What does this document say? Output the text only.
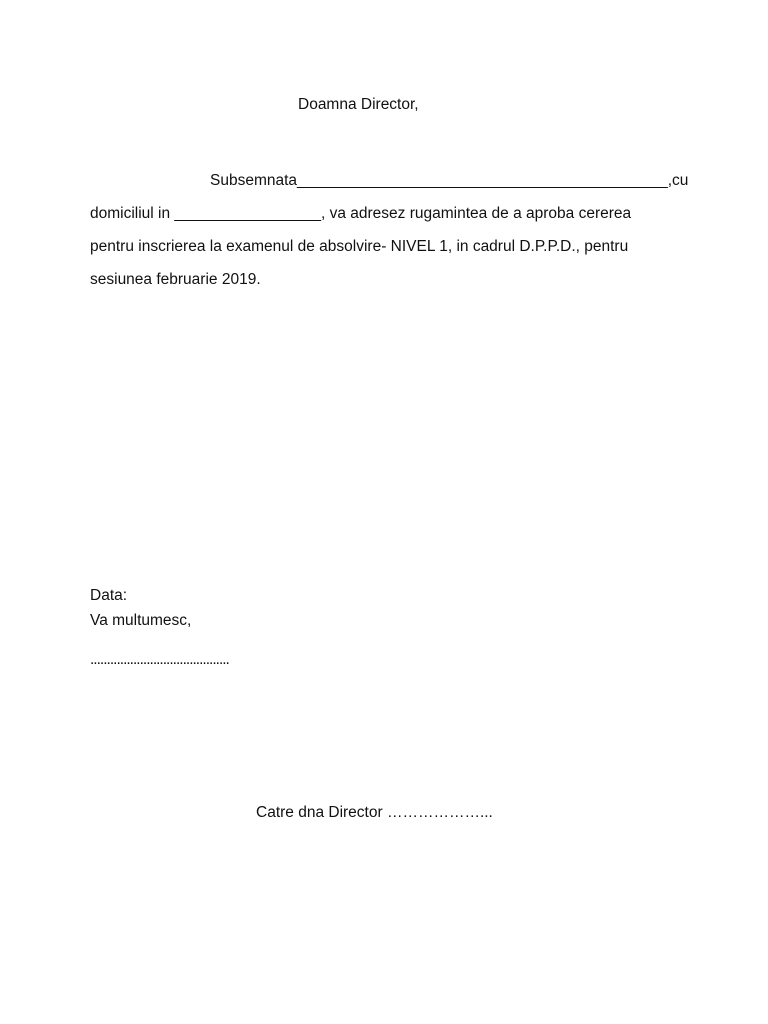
Doamna Director,
Subsemnata___________________________________________,cu
domiciliul in _________________, va adresez rugamintea de a aproba cererea
pentru inscrierea la examenul de absolvire- NIVEL 1, in cadrul D.P.P.D., pentru
sesiunea februarie 2019.
Data:
Va multumesc,
..........................................
Catre dna Director ………………...
